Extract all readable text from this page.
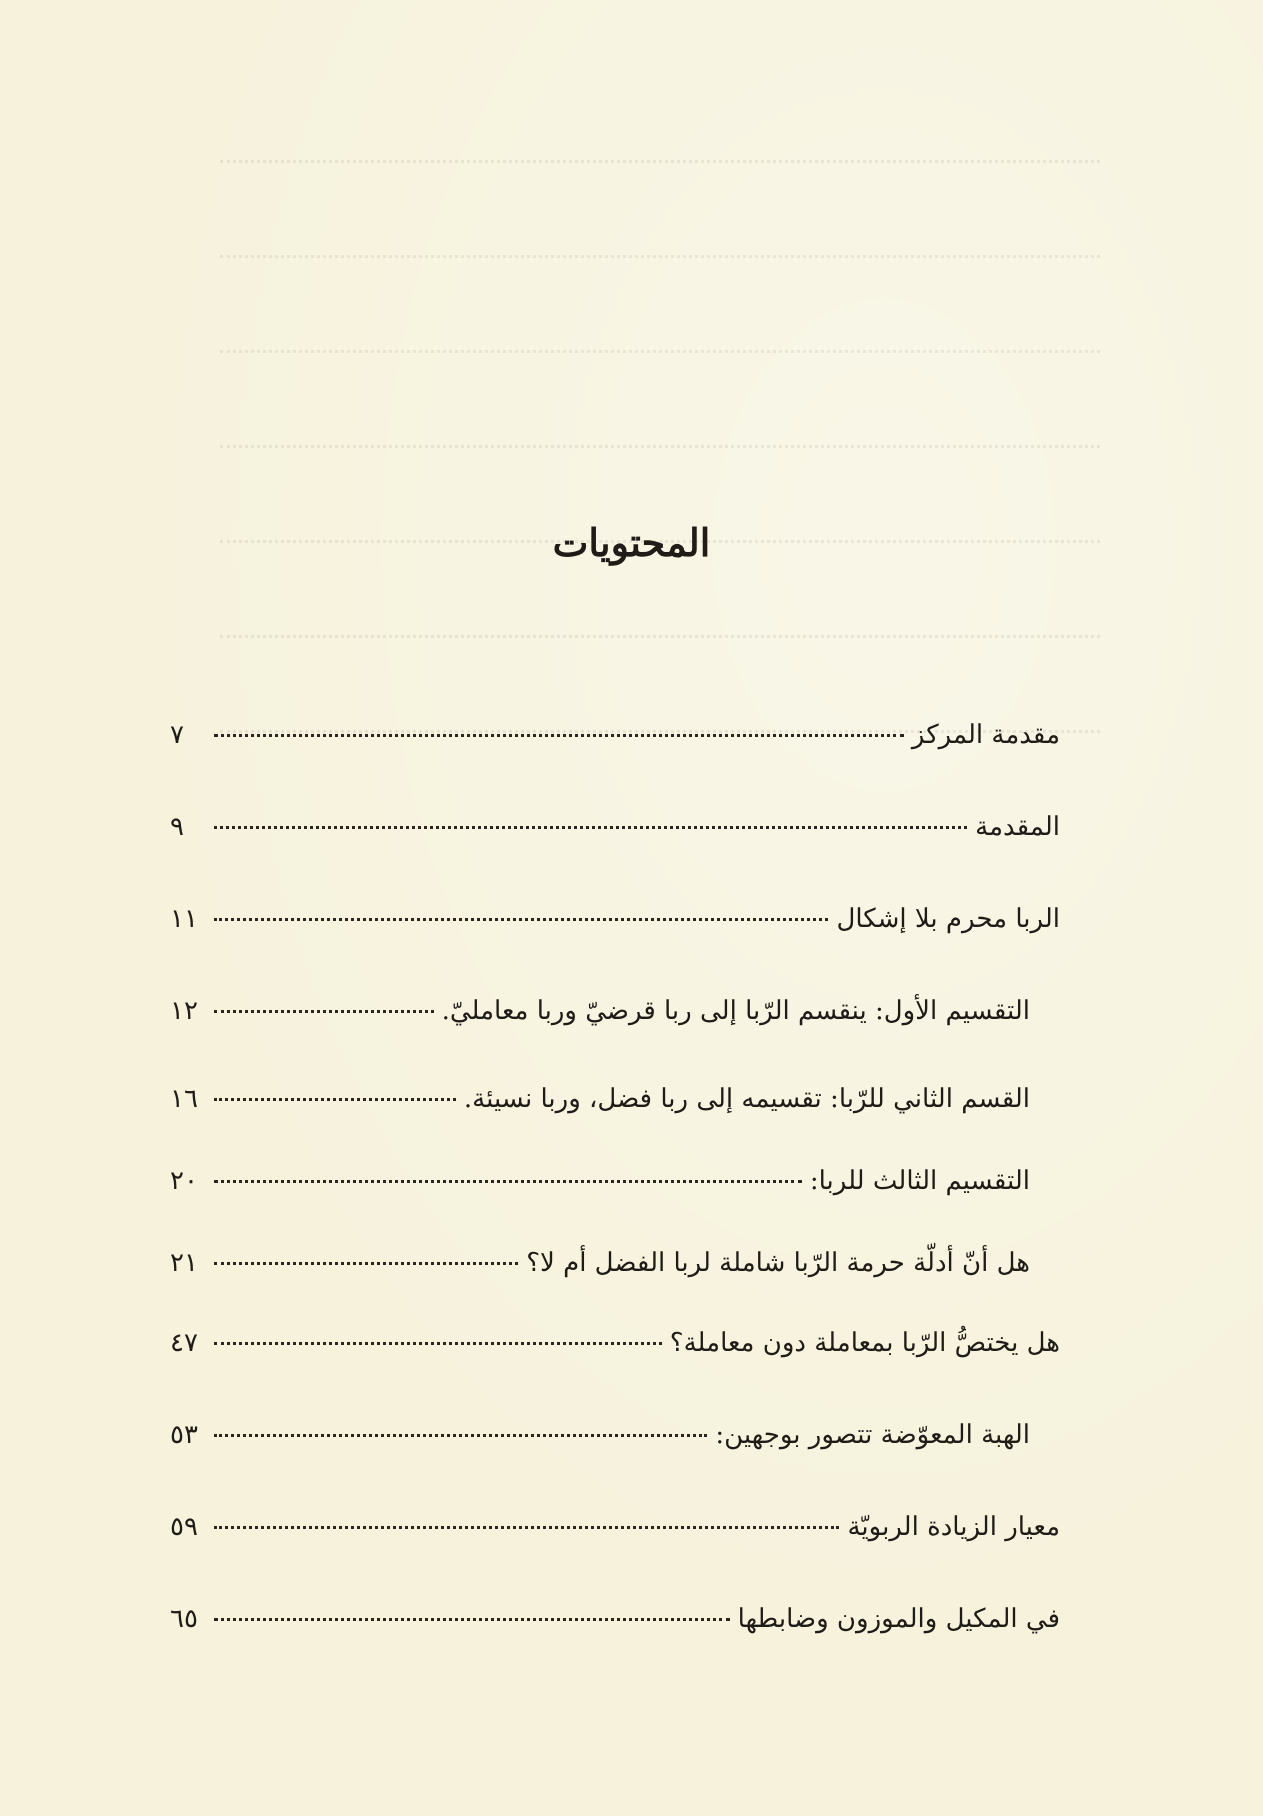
المحتويات
مقدمة المركز
٧
المقدمة
٩
الربا محرم بلا إشكال
١١
التقسيم الأول: ينقسم الرّبا إلى ربا قرضيّ وربا معامليّ.
١٢
القسم الثاني للرّبا: تقسيمه إلى ربا فضل، وربا نسيئة.
١٦
التقسيم الثالث للربا:
٢٠
هل أنّ أدلّة حرمة الرّبا شاملة لربا الفضل أم لا؟
٢١
هل يختصُّ الرّبا بمعاملة دون معاملة؟
٤٧
الهبة المعوّضة تتصور بوجهين:
٥٣
معيار الزيادة الربويّة
٥٩
في المكيل والموزون وضابطها
٦٥
